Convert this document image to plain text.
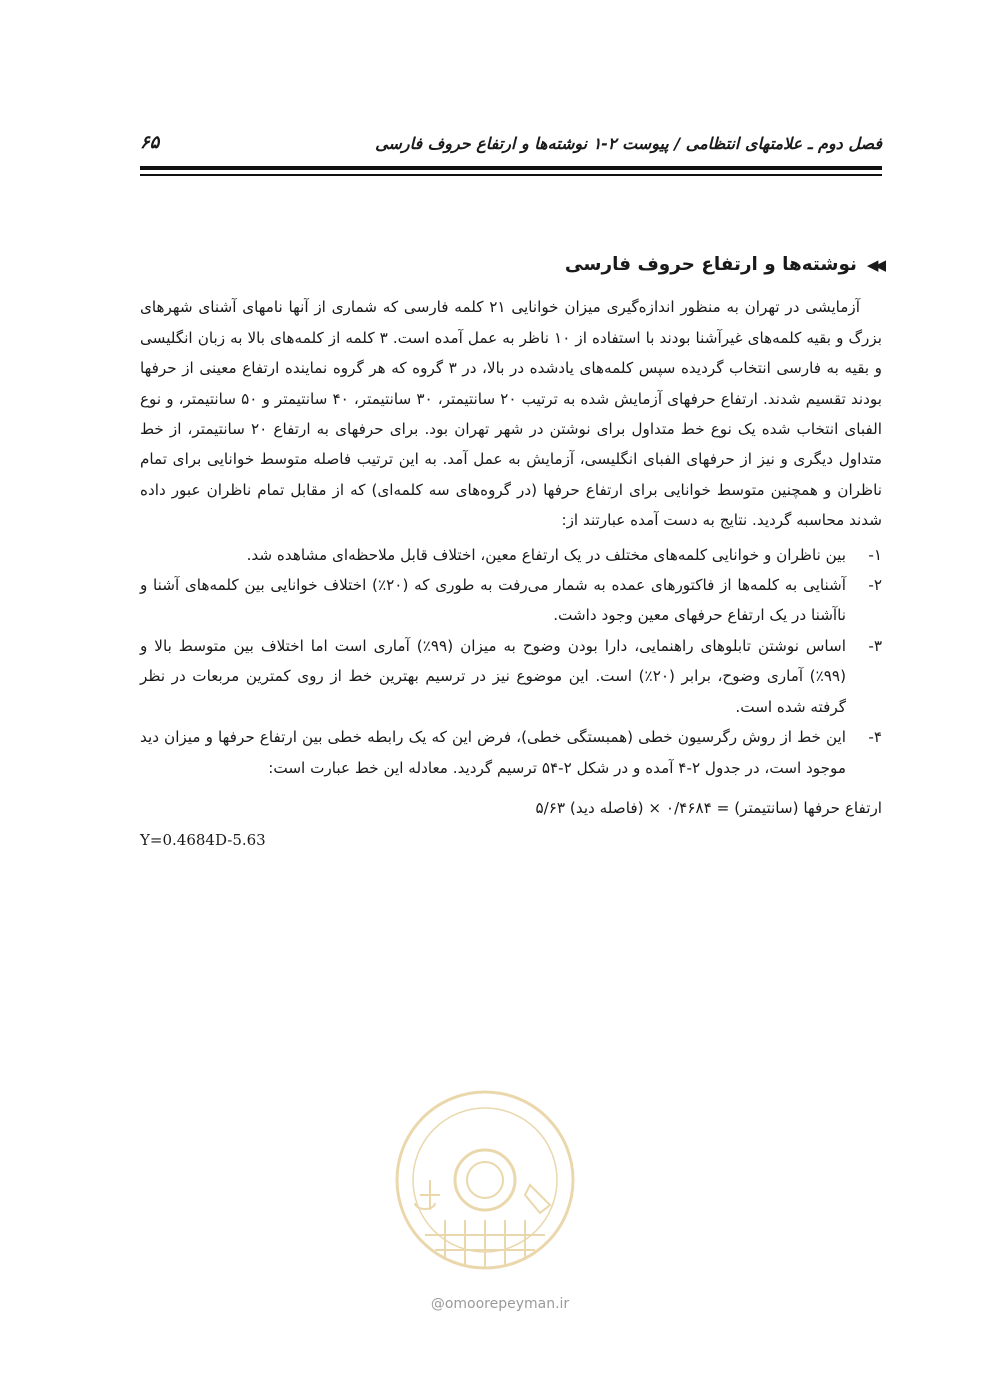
فصل دوم ـ علامتهای انتظامی / پیوست ۲-۱ نوشته‌ها و ارتفاع حروف فارسی
۶۵
◀◀
نوشته‌ها و ارتفاع حروف فارسی

آزمایشی در تهران به منظور اندازه‌گیری میزان خوانایی ۲۱ کلمه فارسی که شماری از آنها نامهای آشنای شهرهای بزرگ و بقیه کلمه‌های غیرآشنا بودند با استفاده از ۱۰ ناظر به عمل آمده است. ۳ کلمه از کلمه‌های بالا به زبان انگلیسی و بقیه به فارسی انتخاب گردیده سپس کلمه‌های یادشده در بالا، در ۳ گروه که هر گروه نماینده ارتفاع معینی از حرفها بودند تقسیم شدند. ارتفاع حرفهای آزمایش شده به ترتیب ۲۰ سانتیمتر، ۳۰ سانتیمتر، ۴۰ سانتیمتر و ۵۰ سانتیمتر، و نوع الفبای انتخاب شده یک نوع خط متداول برای نوشتن در شهر تهران بود. برای حرفهای به ارتفاع ۲۰ سانتیمتر، از خط متداول دیگری و نیز از حرفهای الفبای انگلیسی، آزمایش به عمل آمد. به این ترتیب فاصله متوسط خوانایی برای تمام ناظران و همچنین متوسط خوانایی برای ارتفاع حرفها (در گروه‌های سه کلمه‌ای) که از مقابل تمام ناظران عبور داده شدند محاسبه گردید. نتایج به دست آمده عبارتند از:

۱-
بین ناظران و خوانایی کلمه‌های مختلف در یک ارتفاع معین، اختلاف قابل ملاحظه‌ای مشاهده شد.
۲-
آشنایی به کلمه‌ها از فاکتورهای عمده به شمار می‌رفت به طوری که (۲۰٪) اختلاف خوانایی بین کلمه‌های آشنا و ناآشنا در یک ارتفاع حرفهای معین وجود داشت.
۳-
اساس نوشتن تابلوهای راهنمایی، دارا بودن وضوح به میزان (۹۹٪) آماری است اما اختلاف بین متوسط بالا و (۹۹٪) آماری وضوح، برابر (۲۰٪) است. این موضوع نیز در ترسیم بهترین خط از روی کمترین مربعات در نظر گرفته شده است.
۴-
این خط از روش رگرسیون خطی (همبستگی خطی)، فرض این که یک رابطه خطی بین ارتفاع حرفها و میزان دید موجود است، در جدول ۲-۴ آمده و در شکل ۲-۵۴ ترسیم گردید. معادله این خط عبارت است:
ارتفاع حرفها (سانتیمتر) = ۰/۴۶۸۴ × (فاصله دید) ۵/۶۳
Y=0.4684D-5.63
@omoorepeyman.ir
